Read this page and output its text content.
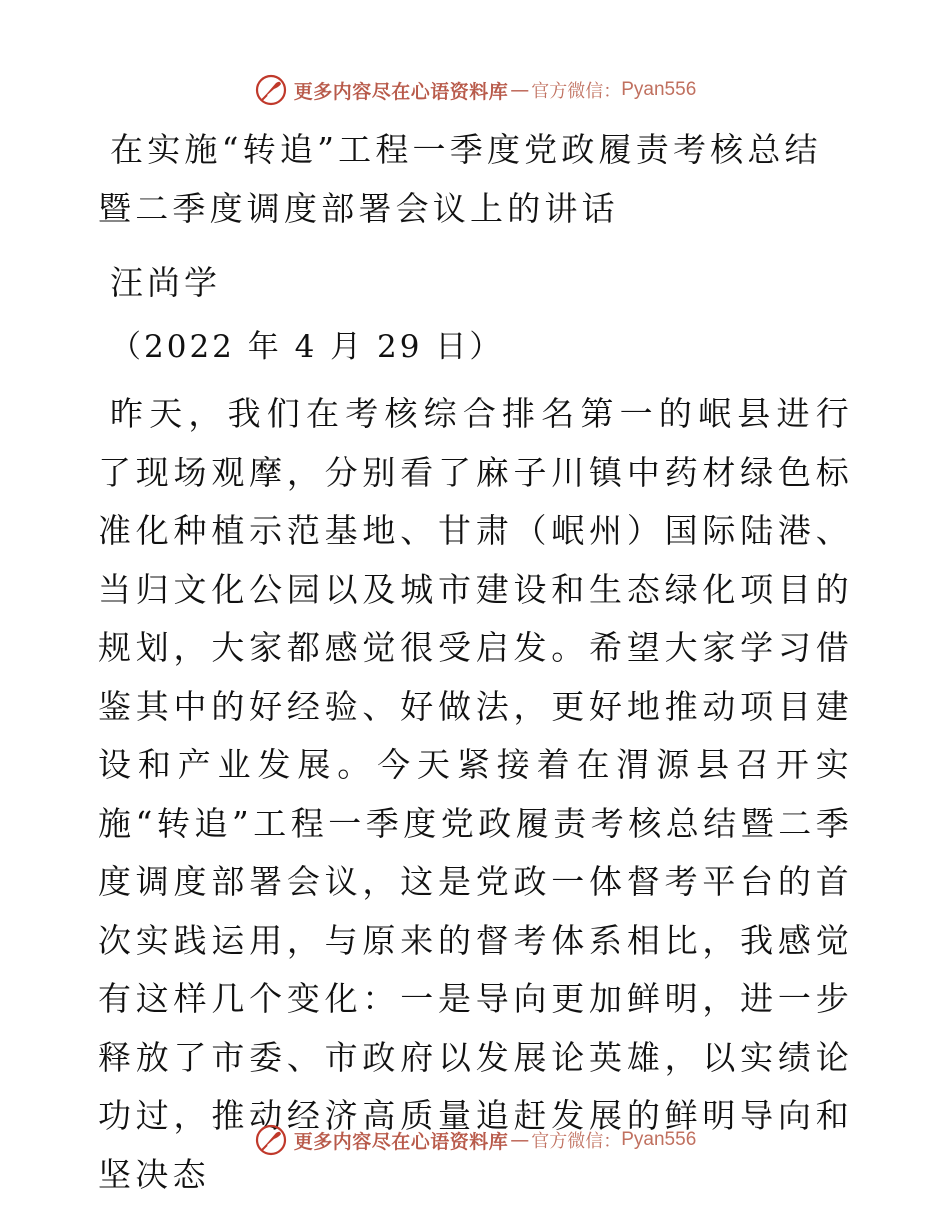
更多内容尽在心语资料库 — 官方微信： Pyan556
在实施“转追”工程一季度党政履责考核总结暨二季度调度部署会议上的讲话

汪尚学

（2022 年 4 月 29 日）

昨天，我们在考核综合排名第一的岷县进行了现场观摩，分别看了麻子川镇中药材绿色标准化种植示范基地、甘肃（岷州）国际陆港、当归文化公园以及城市建设和生态绿化项目的规划，大家都感觉很受启发。希望大家学习借鉴其中的好经验、好做法，更好地推动项目建设和产业发展。今天紧接着在渭源县召开实施“转追”工程一季度党政履责考核总结暨二季度调度部署会议，这是党政一体督考平台的首次实践运用，与原来的督考体系相比，我感觉有这样几个变化：一是导向更加鲜明，进一步释放了市委、市政府以发展论英雄，以实绩论功过，推动经济高质量追赶发展的鲜明导向和坚决态

更多内容尽在心语资料库 — 官方微信： Pyan556
